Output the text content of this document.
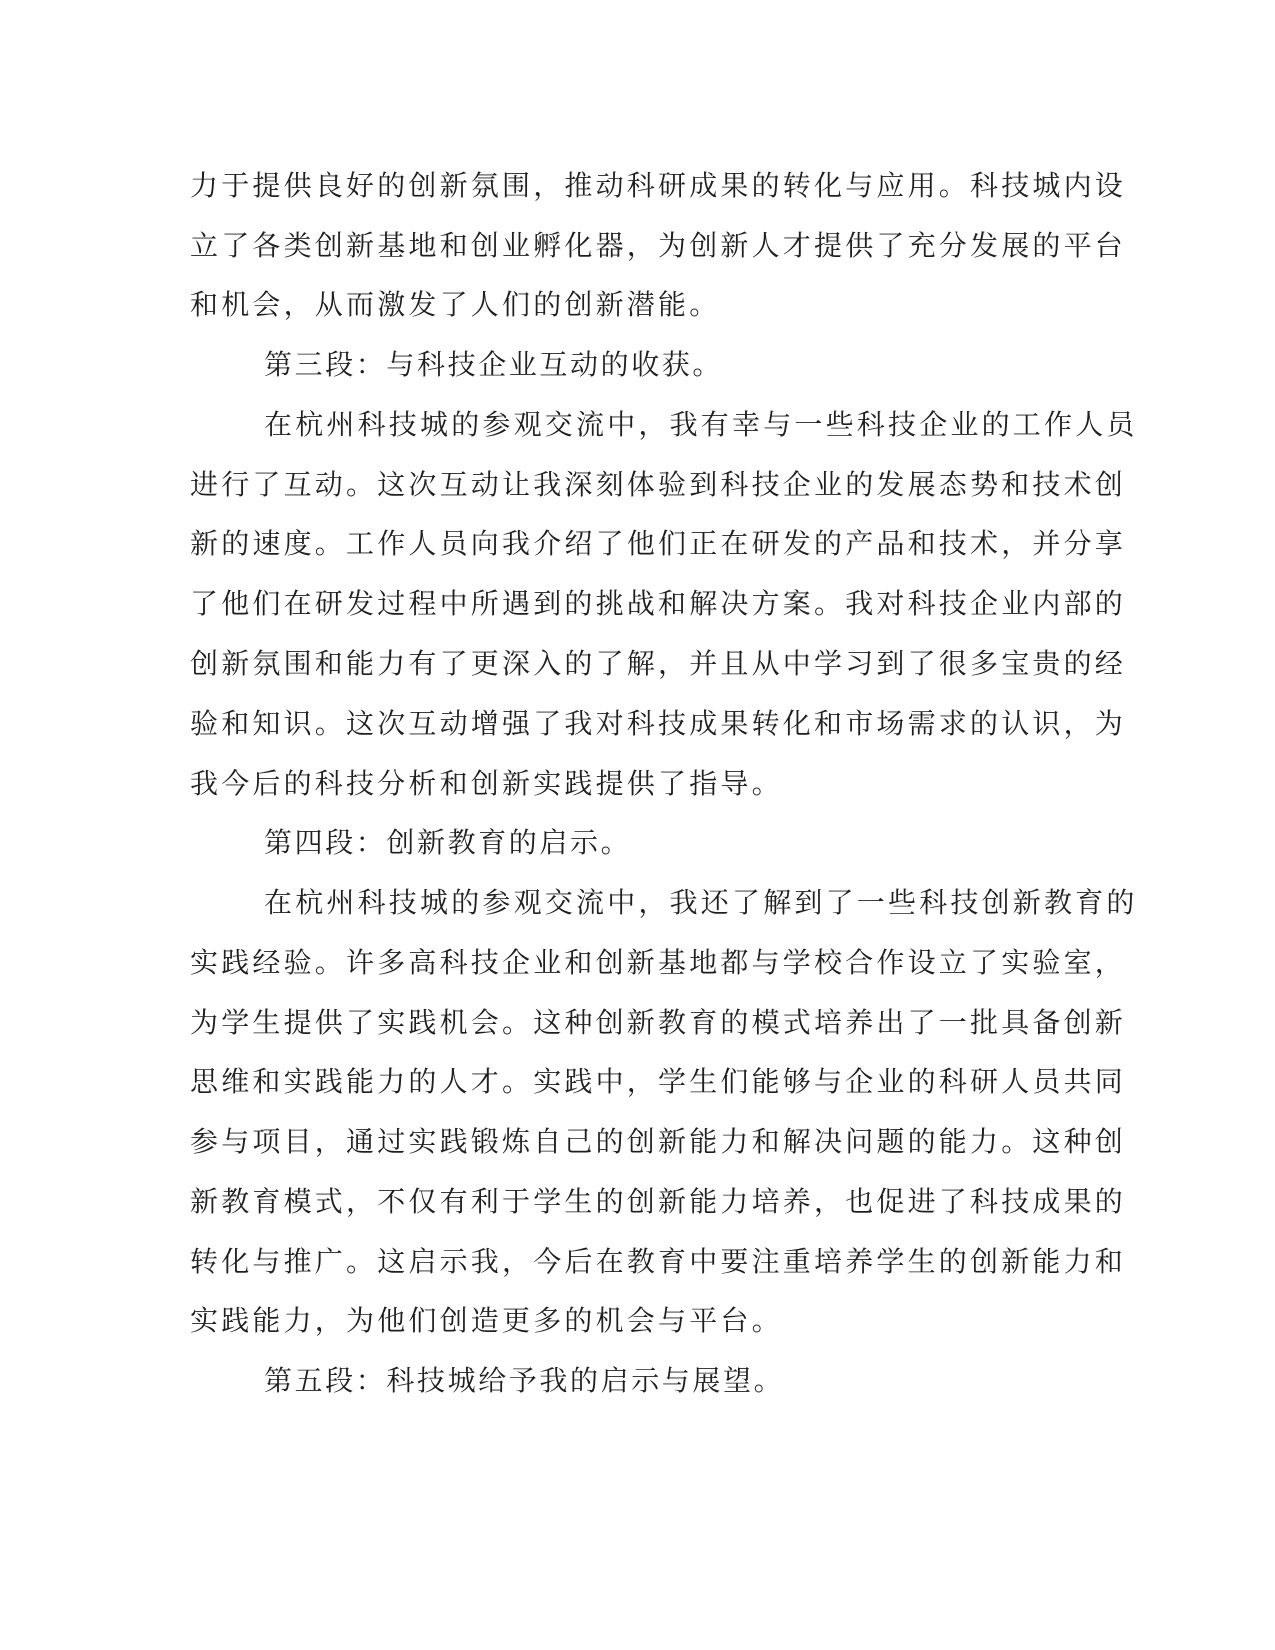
力于提供良好的创新氛围，推动科研成果的转化与应用。科技城内设

立了各类创新基地和创业孵化器，为创新人才提供了充分发展的平台

和机会，从而激发了人们的创新潜能。

第三段：与科技企业互动的收获。

在杭州科技城的参观交流中，我有幸与一些科技企业的工作人员

进行了互动。这次互动让我深刻体验到科技企业的发展态势和技术创

新的速度。工作人员向我介绍了他们正在研发的产品和技术，并分享

了他们在研发过程中所遇到的挑战和解决方案。我对科技企业内部的

创新氛围和能力有了更深入的了解，并且从中学习到了很多宝贵的经

验和知识。这次互动增强了我对科技成果转化和市场需求的认识，为

我今后的科技分析和创新实践提供了指导。

第四段：创新教育的启示。

在杭州科技城的参观交流中，我还了解到了一些科技创新教育的

实践经验。许多高科技企业和创新基地都与学校合作设立了实验室，

为学生提供了实践机会。这种创新教育的模式培养出了一批具备创新

思维和实践能力的人才。实践中，学生们能够与企业的科研人员共同

参与项目，通过实践锻炼自己的创新能力和解决问题的能力。这种创

新教育模式，不仅有利于学生的创新能力培养，也促进了科技成果的

转化与推广。这启示我，今后在教育中要注重培养学生的创新能力和

实践能力，为他们创造更多的机会与平台。

第五段：科技城给予我的启示与展望。
